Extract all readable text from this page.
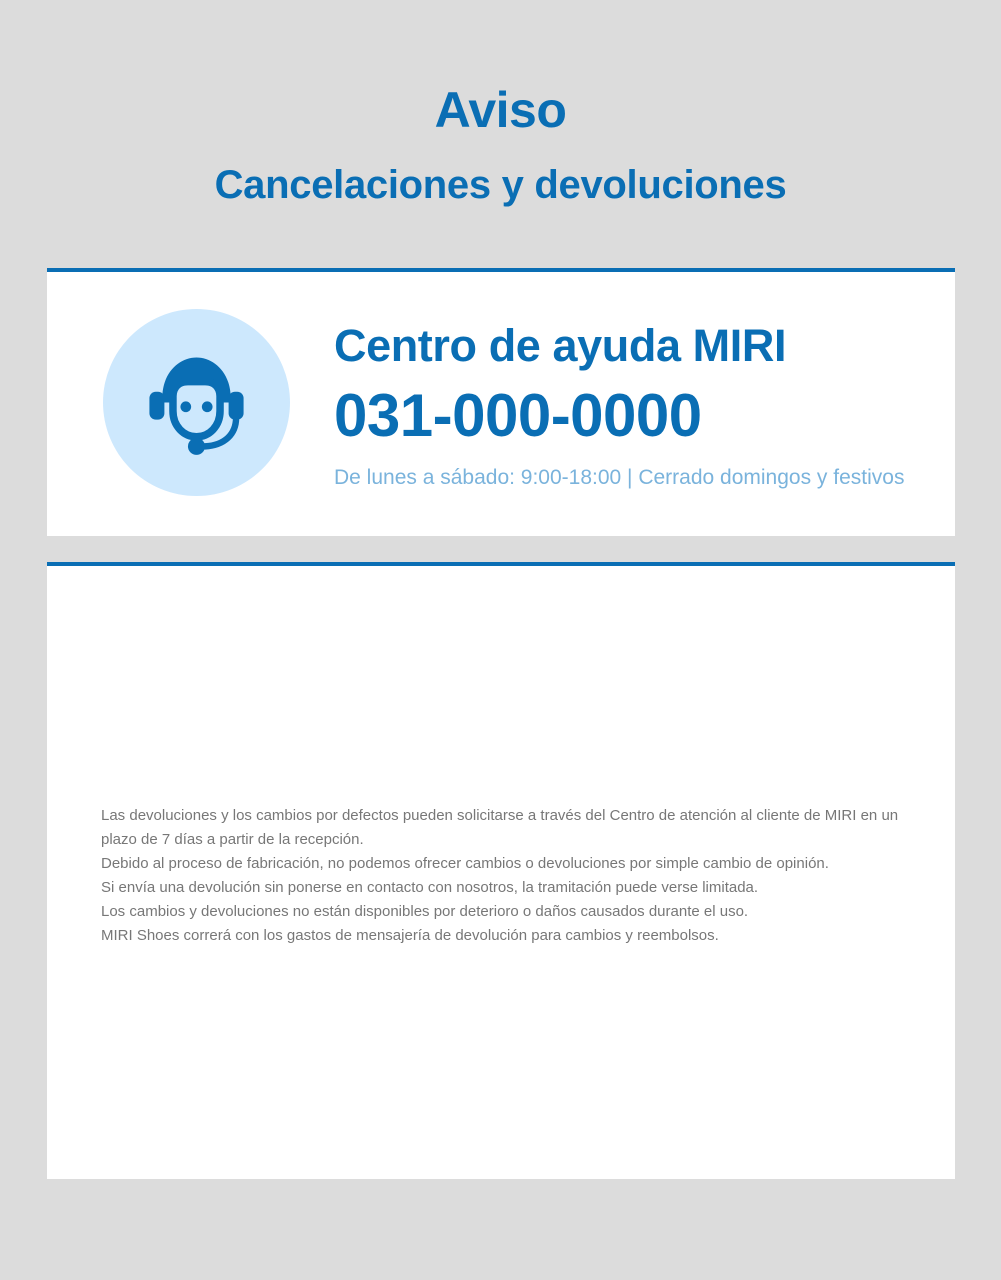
Aviso
Cancelaciones y devoluciones
Centro de ayuda MIRI
031-000-0000
De lunes a sábado: 9:00-18:00 | Cerrado domingos y festivos

Las devoluciones y los cambios por defectos pueden solicitarse a través del Centro de atención al cliente de MIRI en un plazo de 7 días a partir de la recepción.

Debido al proceso de fabricación, no podemos ofrecer cambios o devoluciones por simple cambio de opinión.

Si envía una devolución sin ponerse en contacto con nosotros, la tramitación puede verse limitada.

Los cambios y devoluciones no están disponibles por deterioro o daños causados durante el uso.

MIRI Shoes correrá con los gastos de mensajería de devolución para cambios y reembolsos.
